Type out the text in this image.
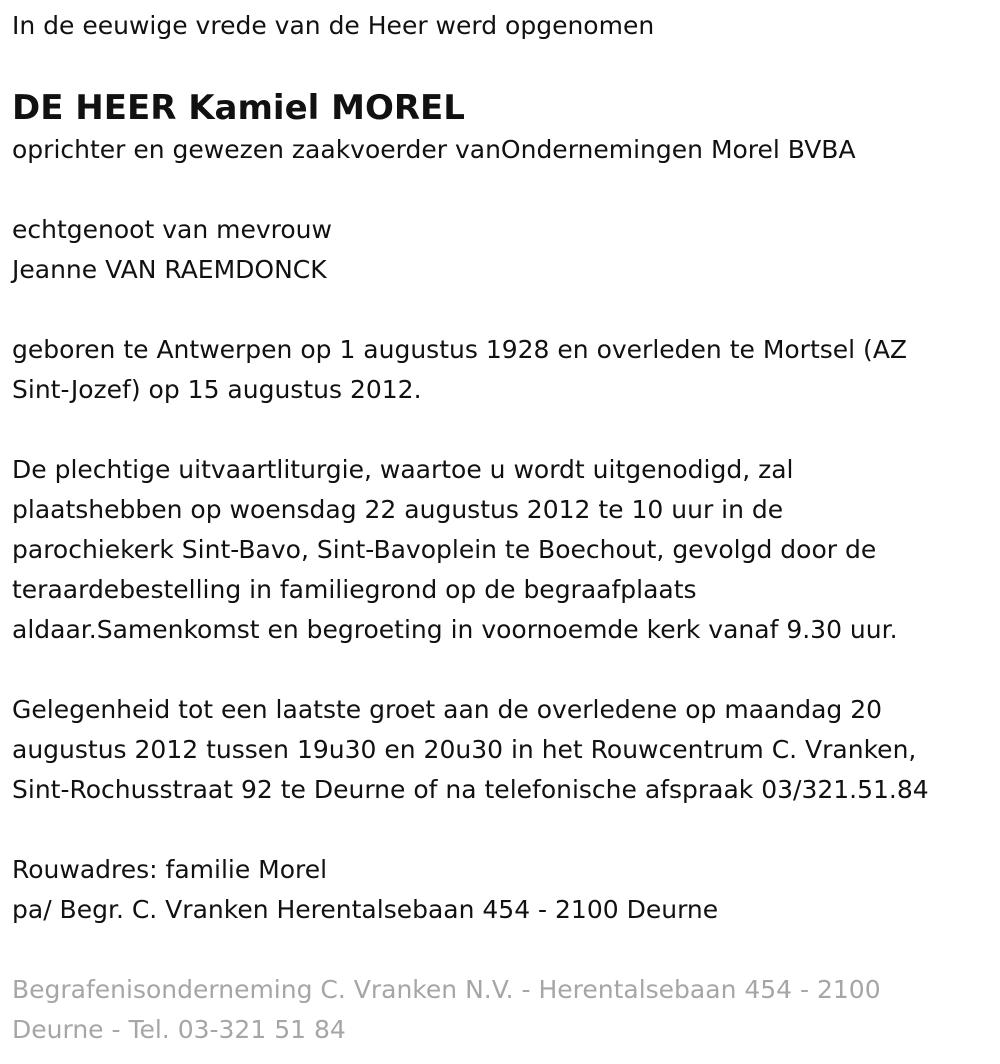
In de eeuwige vrede van de Heer werd opgenomen

DE HEER Kamiel MOREL

oprichter en gewezen zaakvoerder vanOndernemingen Morel BVBA

echtgenoot van mevrouw

Jeanne VAN RAEMDONCK

geboren te Antwerpen op 1 augustus 1928 en overleden te Mortsel (AZ

Sint-Jozef) op 15 augustus 2012.

De plechtige uitvaartliturgie, waartoe u wordt uitgenodigd, zal

plaatshebben op woensdag 22 augustus 2012 te 10 uur in de

parochiekerk Sint-Bavo, Sint-Bavoplein te Boechout, gevolgd door de

teraardebestelling in familiegrond op de begraafplaats

aldaar.Samenkomst en begroeting in voornoemde kerk vanaf 9.30 uur.

Gelegenheid tot een laatste groet aan de overledene op maandag 20

augustus 2012 tussen 19u30 en 20u30 in het Rouwcentrum C. Vranken,

Sint-Rochusstraat 92 te Deurne of na telefonische afspraak 03/321.51.84

Rouwadres: familie Morel

pa/ Begr. C. Vranken Herentalsebaan 454 - 2100 Deurne

Begrafenisonderneming C. Vranken N.V. - Herentalsebaan 454 - 2100

Deurne - Tel. 03-321 51 84
